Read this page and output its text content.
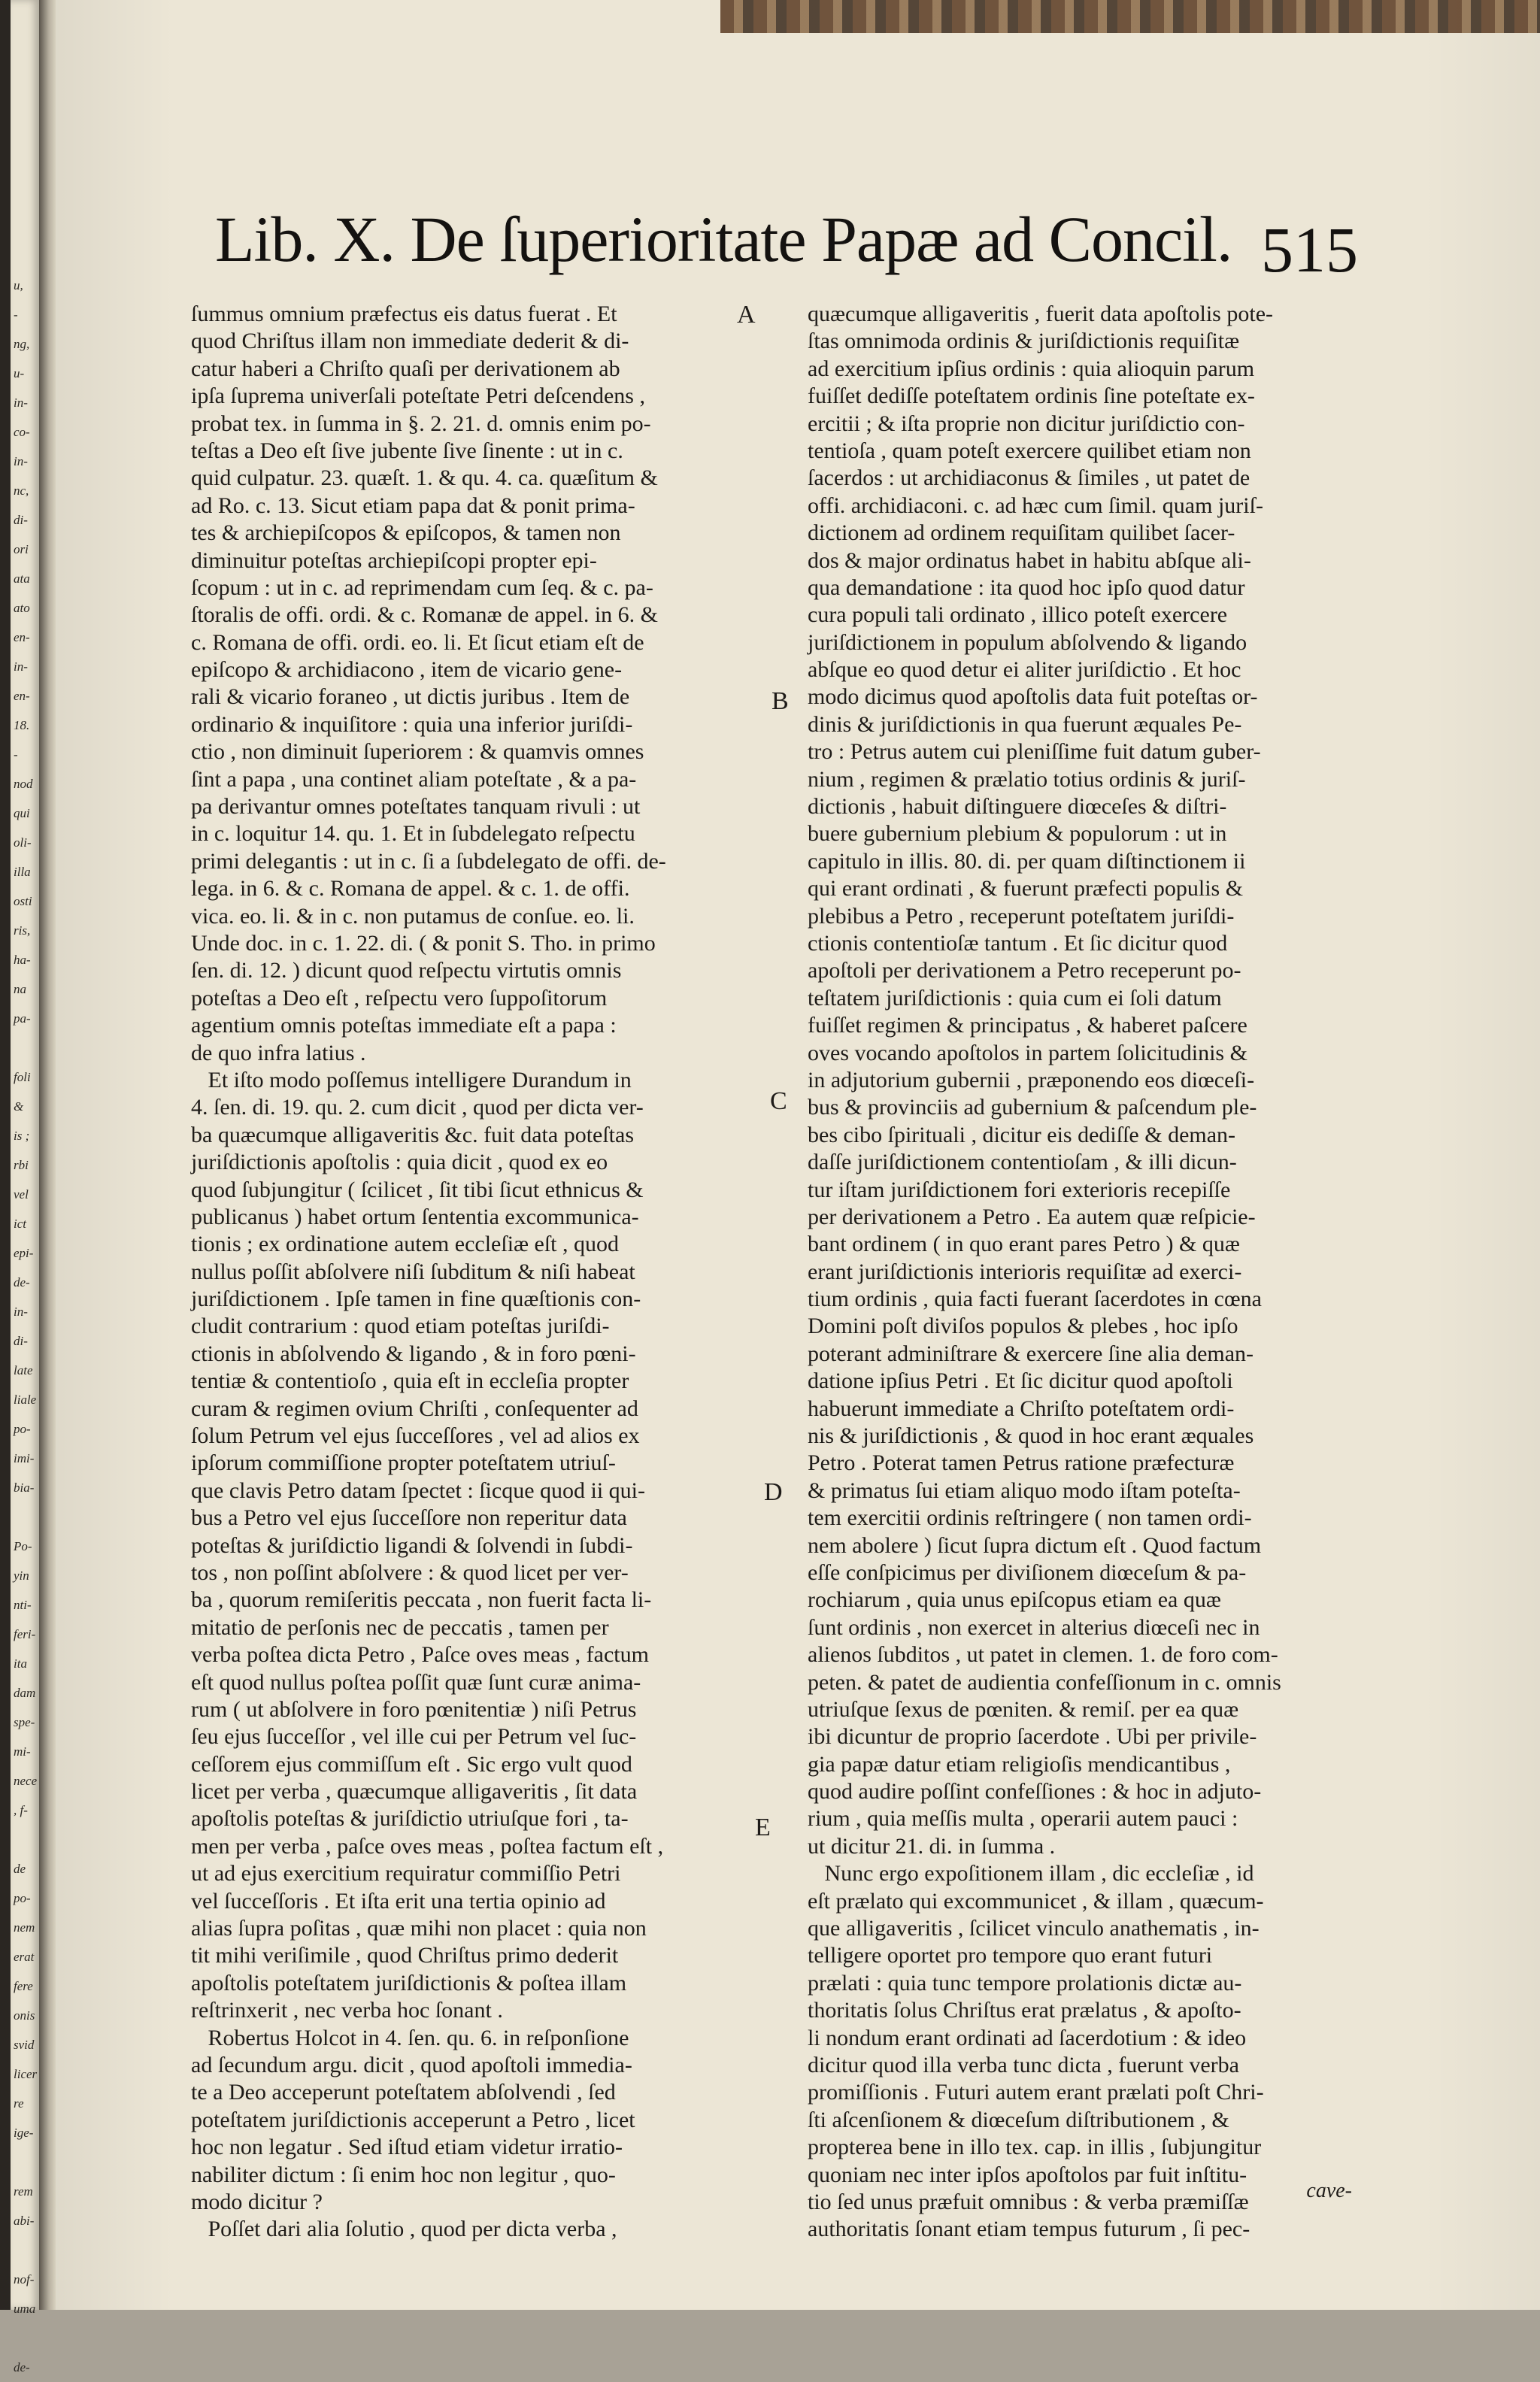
u,
-
ng,
u-
in-
co-
in-
nc,
di-
ori
ata
ato
en-
in-
en-
18.
-
nod
qui
oli-
illa
osti
ris,
ha-
na
pa-

foli
&
is ;
rbi
vel
ict
epi-
de-
in-
di-
late
liale
po-
imi-
bia-

Po-
yin
nti-
feri-
ita
dam
spe-
mi-
nece
, f-

de
po-
nem
erat
fere
onis
svid
licer
re
ige-

rem
abi-

nof-
uma

de-
Lib. X. De ſuperioritate Papæ ad Concil. 515
ſummus omnium præfectus eis datus fuerat . Et
quod Chriſtus illam non immediate dederit & di-
catur haberi a Chriſto quaſi per derivationem ab
ipſa ſuprema univerſali poteſtate Petri deſcendens ,
probat tex. in ſumma in §. 2. 21. d. omnis enim po-
teſtas a Deo eſt ſive jubente ſive ſinente : ut in c.
quid culpatur. 23. quæſt. 1. & qu. 4. ca. quæſitum &
ad Ro. c. 13. Sicut etiam papa dat & ponit prima-
tes & archiepiſcopos & epiſcopos, & tamen non
diminuitur poteſtas archiepiſcopi propter epi-
ſcopum : ut in c. ad reprimendam cum ſeq. & c. pa-
ſtoralis de offi. ordi. & c. Romanæ de appel. in 6. &
c. Romana de offi. ordi. eo. li. Et ſicut etiam eſt de
epiſcopo & archidiacono , item de vicario gene-
rali & vicario foraneo , ut dictis juribus . Item de
ordinario & inquiſitore : quia una inferior juriſdi-
ctio , non diminuit ſuperiorem : & quamvis omnes
ſint a papa , una continet aliam poteſtate , & a pa-
pa derivantur omnes poteſtates tanquam rivuli : ut
in c. loquitur 14. qu. 1. Et in ſubdelegato reſpectu
primi delegantis : ut in c. ſi a ſubdelegato de offi. de-
lega. in 6. & c. Romana de appel. & c. 1. de offi.
vica. eo. li. & in c. non putamus de conſue. eo. li.
Unde doc. in c. 1. 22. di. ( & ponit S. Tho. in primo
ſen. di. 12. ) dicunt quod reſpectu virtutis omnis
poteſtas a Deo eſt , reſpectu vero ſuppoſitorum
agentium omnis poteſtas immediate eſt a papa :
de quo infra latius .
Et iſto modo poſſemus intelligere Durandum in
4. ſen. di. 19. qu. 2. cum dicit , quod per dicta ver-
ba quæcumque alligaveritis &c. fuit data poteſtas
juriſdictionis apoſtolis : quia dicit , quod ex eo
quod ſubjungitur ( ſcilicet , ſit tibi ſicut ethnicus &
publicanus ) habet ortum ſententia excommunica-
tionis ; ex ordinatione autem eccleſiæ eſt , quod
nullus poſſit abſolvere niſi ſubditum & niſi habeat
juriſdictionem . Ipſe tamen in fine quæſtionis con-
cludit contrarium : quod etiam poteſtas juriſdi-
ctionis in abſolvendo & ligando , & in foro pœni-
tentiæ & contentioſo , quia eſt in eccleſia propter
curam & regimen ovium Chriſti , conſequenter ad
ſolum Petrum vel ejus ſucceſſores , vel ad alios ex
ipſorum commiſſione propter poteſtatem utriuſ-
que clavis Petro datam ſpectet : ſicque quod ii qui-
bus a Petro vel ejus ſucceſſore non reperitur data
poteſtas & juriſdictio ligandi & ſolvendi in ſubdi-
tos , non poſſint abſolvere : & quod licet per ver-
ba , quorum remiſeritis peccata , non fuerit facta li-
mitatio de perſonis nec de peccatis , tamen per
verba poſtea dicta Petro , Paſce oves meas , factum
eſt quod nullus poſtea poſſit quæ ſunt curæ anima-
rum ( ut abſolvere in foro pœnitentiæ ) niſi Petrus
ſeu ejus ſucceſſor , vel ille cui per Petrum vel ſuc-
ceſſorem ejus commiſſum eſt . Sic ergo vult quod
licet per verba , quæcumque alligaveritis , ſit data
apoſtolis poteſtas & juriſdictio utriuſque fori , ta-
men per verba , paſce oves meas , poſtea factum eſt ,
ut ad ejus exercitium requiratur commiſſio Petri
vel ſucceſſoris . Et iſta erit una tertia opinio ad
alias ſupra poſitas , quæ mihi non placet : quia non
tit mihi veriſimile , quod Chriſtus primo dederit
apoſtolis poteſtatem juriſdictionis & poſtea illam
reſtrinxerit , nec verba hoc ſonant .
Robertus Holcot in 4. ſen. qu. 6. in reſponſione
ad ſecundum argu. dicit , quod apoſtoli immedia-
te a Deo acceperunt poteſtatem abſolvendi , ſed
poteſtatem juriſdictionis acceperunt a Petro , licet
hoc non legatur . Sed iſtud etiam videtur irratio-
nabiliter dictum : ſi enim hoc non legitur , quo-
modo dicitur ?
Poſſet dari alia ſolutio , quod per dicta verba ,
quæcumque alligaveritis , fuerit data apoſtolis pote-
ſtas omnimoda ordinis & juriſdictionis requiſitæ
ad exercitium ipſius ordinis : quia alioquin parum
fuiſſet dediſſe poteſtatem ordinis ſine poteſtate ex-
ercitii ; & iſta proprie non dicitur juriſdictio con-
tentioſa , quam poteſt exercere quilibet etiam non
ſacerdos : ut archidiaconus & ſimiles , ut patet de
offi. archidiaconi. c. ad hæc cum ſimil. quam juriſ-
dictionem ad ordinem requiſitam quilibet ſacer-
dos & major ordinatus habet in habitu abſque ali-
qua demandatione : ita quod hoc ipſo quod datur
cura populi tali ordinato , illico poteſt exercere
juriſdictionem in populum abſolvendo & ligando
abſque eo quod detur ei aliter juriſdictio . Et hoc
modo dicimus quod apoſtolis data fuit poteſtas or-
dinis & juriſdictionis in qua fuerunt æquales Pe-
tro : Petrus autem cui pleniſſime fuit datum guber-
nium , regimen & prælatio totius ordinis & juriſ-
dictionis , habuit diſtinguere diœceſes & diſtri-
buere gubernium plebium & populorum : ut in
capitulo in illis. 80. di. per quam diſtinctionem ii
qui erant ordinati , & fuerunt præfecti populis &
plebibus a Petro , receperunt poteſtatem juriſdi-
ctionis contentioſæ tantum . Et ſic dicitur quod
apoſtoli per derivationem a Petro receperunt po-
teſtatem juriſdictionis : quia cum ei ſoli datum
fuiſſet regimen & principatus , & haberet paſcere
oves vocando apoſtolos in partem ſolicitudinis &
in adjutorium gubernii , præponendo eos diœceſi-
bus & provinciis ad gubernium & paſcendum ple-
bes cibo ſpirituali , dicitur eis dediſſe & deman-
daſſe juriſdictionem contentioſam , & illi dicun-
tur iſtam juriſdictionem fori exterioris recepiſſe
per derivationem a Petro . Ea autem quæ reſpicie-
bant ordinem ( in quo erant pares Petro ) & quæ
erant juriſdictionis interioris requiſitæ ad exerci-
tium ordinis , quia facti fuerant ſacerdotes in cœna
Domini poſt diviſos populos & plebes , hoc ipſo
poterant adminiſtrare & exercere ſine alia deman-
datione ipſius Petri . Et ſic dicitur quod apoſtoli
habuerunt immediate a Chriſto poteſtatem ordi-
nis & juriſdictionis , & quod in hoc erant æquales
Petro . Poterat tamen Petrus ratione præfecturæ
& primatus ſui etiam aliquo modo iſtam poteſta-
tem exercitii ordinis reſtringere ( non tamen ordi-
nem abolere ) ſicut ſupra dictum eſt . Quod factum
eſſe conſpicimus per diviſionem diœceſum & pa-
rochiarum , quia unus epiſcopus etiam ea quæ
ſunt ordinis , non exercet in alterius diœceſi nec in
alienos ſubditos , ut patet in clemen. 1. de foro com-
peten. & patet de audientia confeſſionum in c. omnis
utriuſque ſexus de pœniten. & remiſ. per ea quæ
ibi dicuntur de proprio ſacerdote . Ubi per privile-
gia papæ datur etiam religioſis mendicantibus ,
quod audire poſſint confeſſiones : & hoc in adjuto-
rium , quia meſſis multa , operarii autem pauci :
ut dicitur 21. di. in ſumma .
Nunc ergo expoſitionem illam , dic eccleſiæ , id
eſt prælato qui excommunicet , & illam , quæcum-
que alligaveritis , ſcilicet vinculo anathematis , in-
telligere oportet pro tempore quo erant futuri
prælati : quia tunc tempore prolationis dictæ au-
thoritatis ſolus Chriſtus erat prælatus , & apoſto-
li nondum erant ordinati ad ſacerdotium : & ideo
dicitur quod illa verba tunc dicta , fuerunt verba
promiſſionis . Futuri autem erant prælati poſt Chri-
ſti aſcenſionem & diœceſum diſtributionem , &
propterea bene in illo tex. cap. in illis , ſubjungitur
quoniam nec inter ipſos apoſtolos par fuit inſtitu-
tio ſed unus præfuit omnibus : & verba præmiſſæ
authoritatis ſonant etiam tempus futurum , ſi pec-
A
B
C
D
E
cave-
